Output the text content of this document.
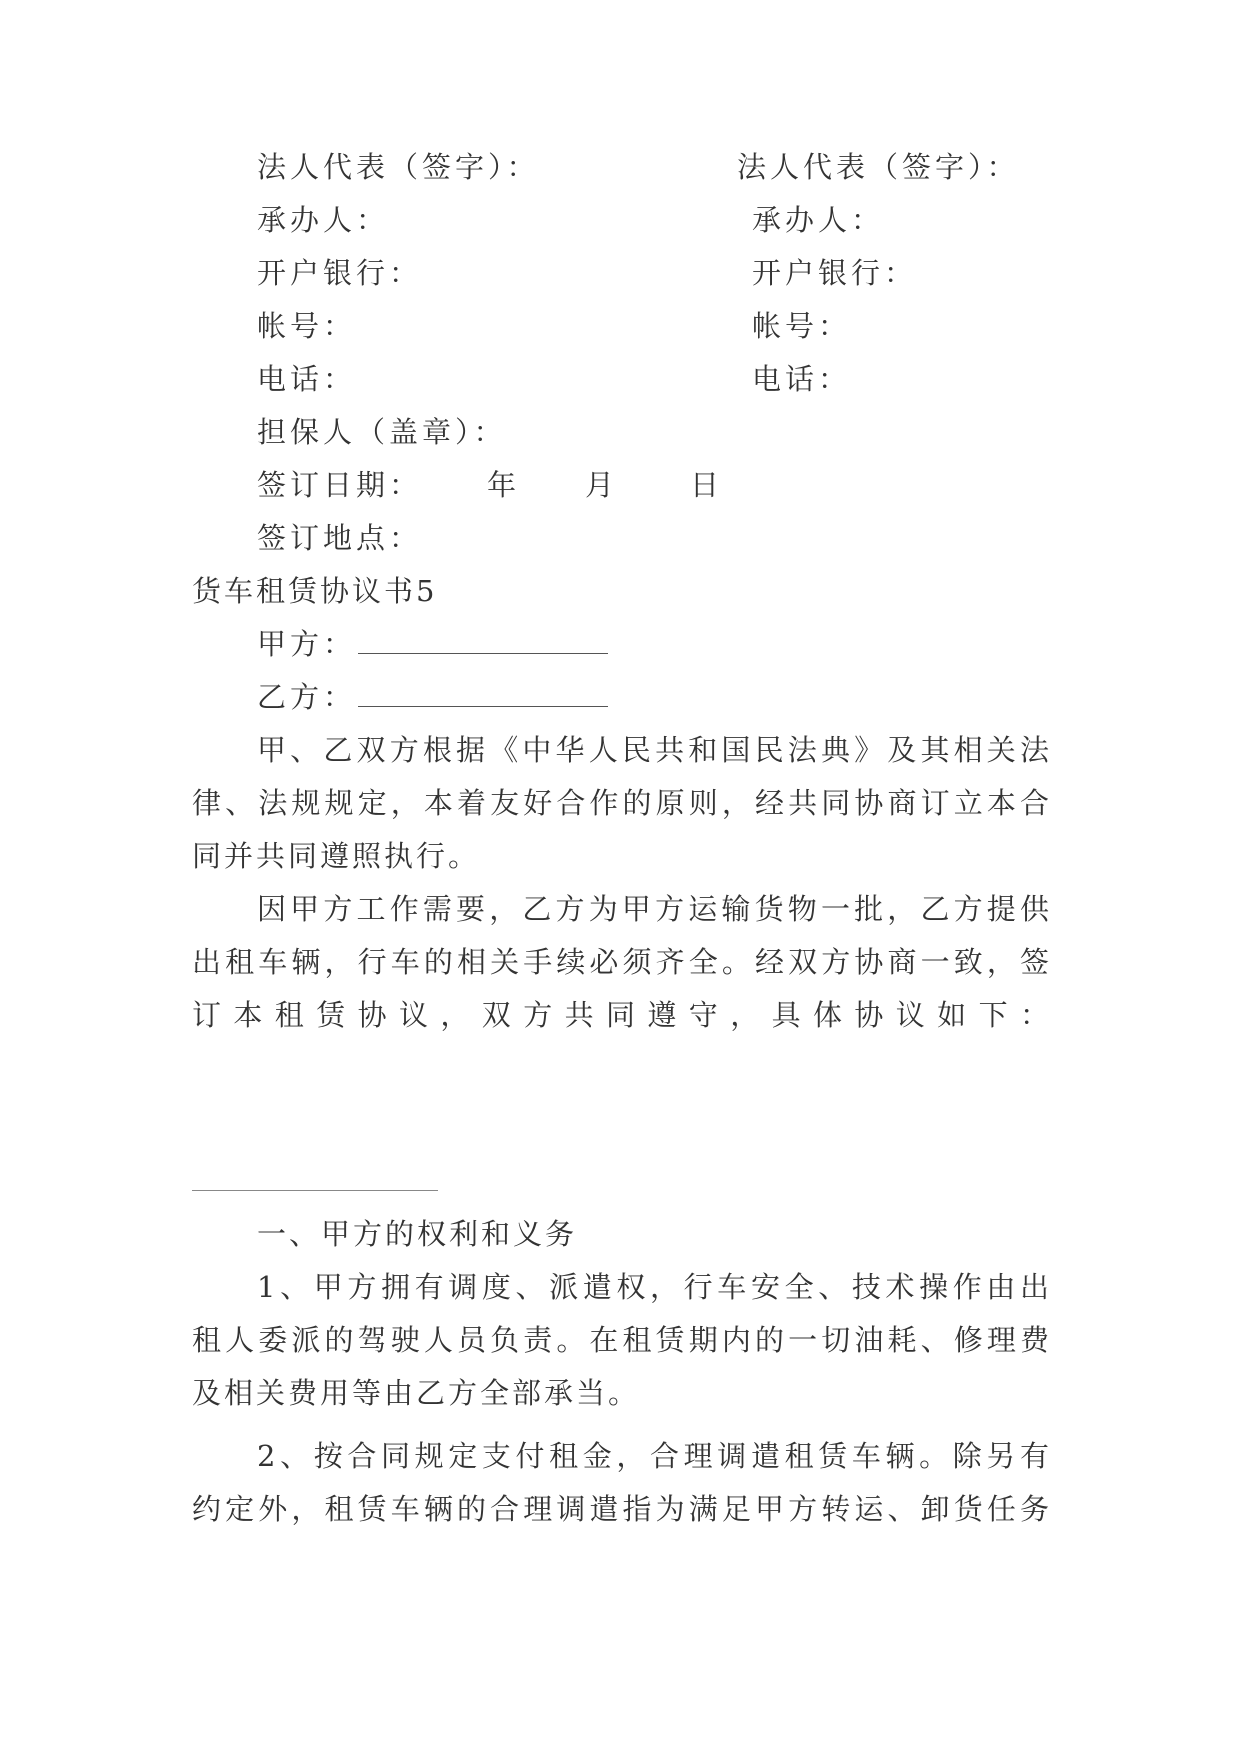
法人代表（签字）：
承办人：
开户银行：
帐号：
电话：
法人代表（签字）：
承办人：
开户银行：
帐号：
电话：
担保人（盖章）：
签订日期： 年 月 日
签订地点：
货车租赁协议书5
甲方：
乙方：
甲、乙双方根据《中华人民共和国民法典》及其相关法
律、法规规定，本着友好合作的原则，经共同协商订立本合
同并共同遵照执行。
因甲方工作需要，乙方为甲方运输货物一批，乙方提供
出租车辆，行车的相关手续必须齐全。经双方协商一致，签
订本租赁协议，双方共同遵守，具体协议如下：
一、甲方的权利和义务
1、甲方拥有调度、派遣权，行车安全、技术操作由出
租人委派的驾驶人员负责。在租赁期内的一切油耗、修理费
及相关费用等由乙方全部承当。
2、按合同规定支付租金，合理调遣租赁车辆。除另有
约定外，租赁车辆的合理调遣指为满足甲方转运、卸货任务
